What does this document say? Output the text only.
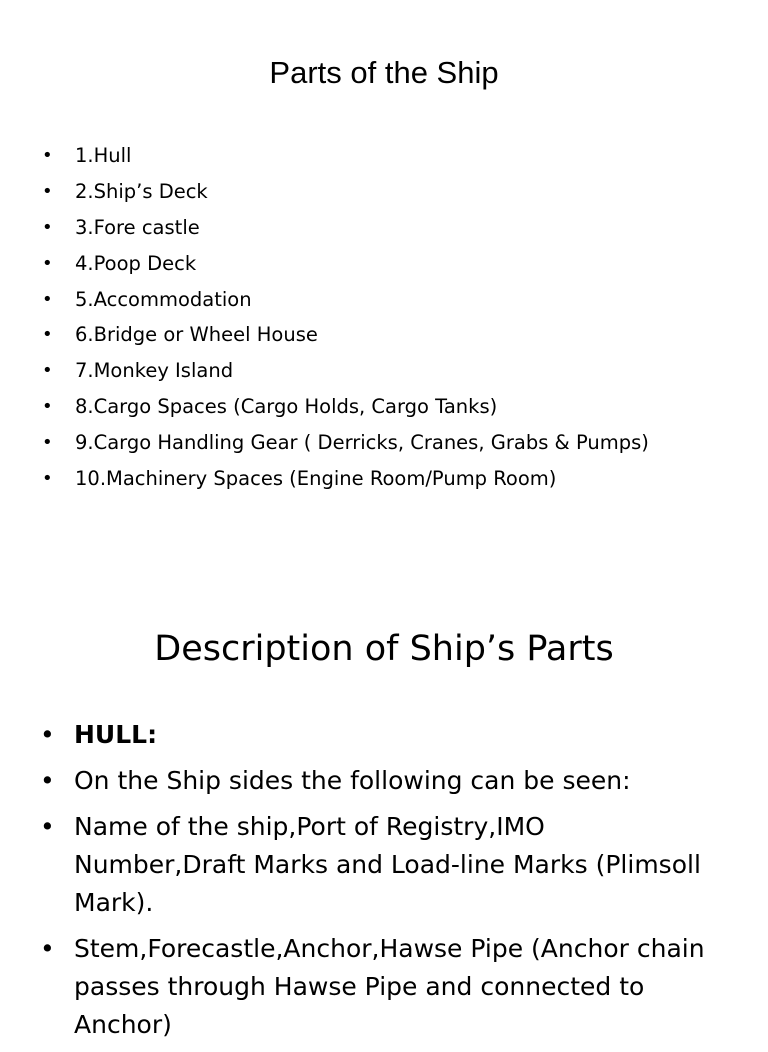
Parts of the Ship
• 1.Hull
• 2.Ship’s Deck
• 3.Fore castle
• 4.Poop Deck
• 5.Accommodation
• 6.Bridge or Wheel House
• 7.Monkey Island
• 8.Cargo Spaces (Cargo Holds, Cargo Tanks)
• 9.Cargo Handling Gear ( Derricks, Cranes, Grabs & Pumps)
• 10.Machinery Spaces (Engine Room/Pump Room)
Description of Ship’s Parts
• HULL:
• On the Ship sides the following can be seen:
• Name of the ship,Port of Registry,IMO Number,Draft Marks and Load-line Marks (Plimsoll Mark).
• Stem,Forecastle,Anchor,Hawse Pipe (Anchor chain passes through Hawse Pipe and connected to Anchor)
